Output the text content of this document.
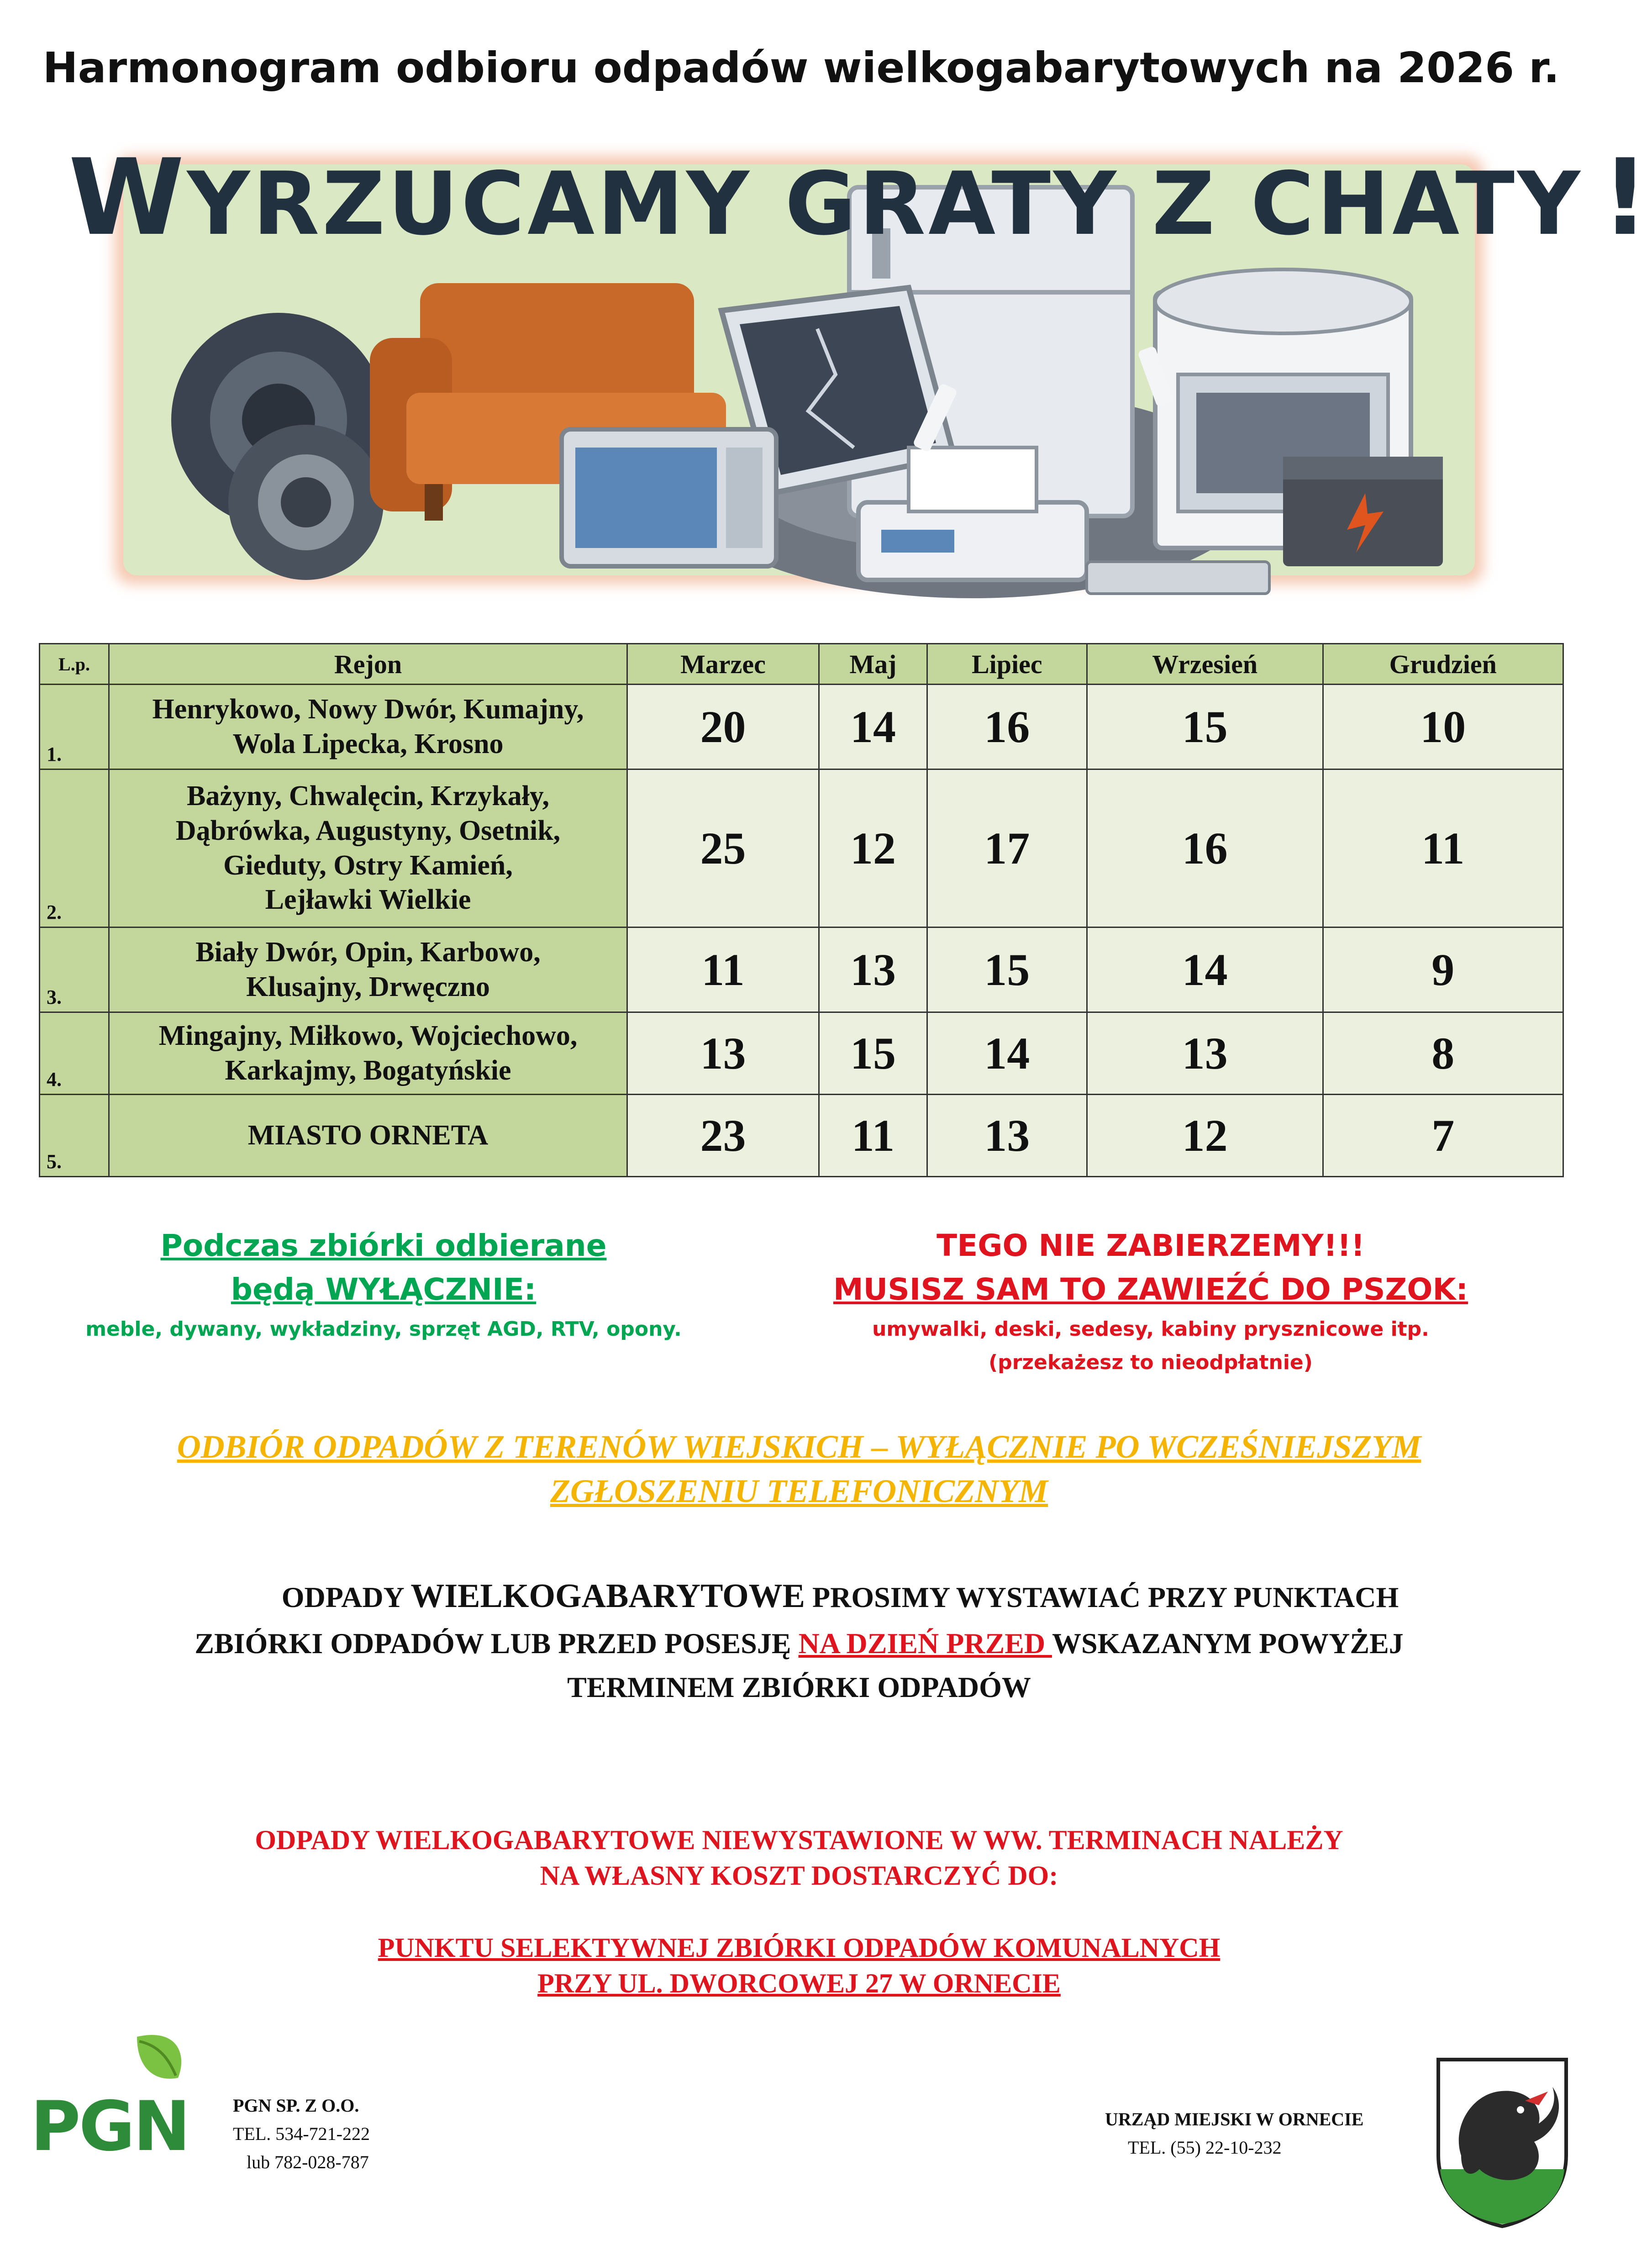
Harmonogram odbioru odpadów wielkogabarytowych na 2026 r.
WYRZUCAMY GRATY Z CHATY !
L.p.	Rejon	Marzec	Maj	Lipiec	Wrzesień	Grudzień
1.	Henrykowo, Nowy Dwór, Kumajny,
Wola Lipecka, Krosno	20	14	16	15	10
2.	Bażyny, Chwalęcin, Krzykały,
Dąbrówka, Augustyny, Osetnik,
Gieduty, Ostry Kamień,
Lejławki Wielkie	25	12	17	16	11
3.	Biały Dwór, Opin, Karbowo,
Klusajny, Drwęczno	11	13	15	14	9
4.	Mingajny, Miłkowo, Wojciechowo,
Karkajmy, Bogatyńskie	13	15	14	13	8
5.	MIASTO ORNETA	23	11	13	12	7
Podczas zbiórki odbierane
będą WYŁĄCZNIE:
meble, dywany, wykładziny, sprzęt AGD, RTV, opony.
TEGO NIE ZABIERZEMY!!!
MUSISZ SAM TO ZAWIEŹĆ DO PSZOK:
umywalki, deski, sedesy, kabiny prysznicowe itp.
(przekażesz to nieodpłatnie)
ODBIÓR ODPADÓW Z TERENÓW WIEJSKICH – WYŁĄCZNIE PO WCZEŚNIEJSZYM
ZGŁOSZENIU TELEFONICZNYM
ODPADY WIELKOGABARYTOWE PROSIMY WYSTAWIAĆ PRZY PUNKTACH
ZBIÓRKI ODPADÓW LUB PRZED POSESJĘ NA DZIEŃ PRZED WSKAZANYM POWYŻEJ
TERMINEM ZBIÓRKI ODPADÓW
ODPADY WIELKOGABARYTOWE NIEWYSTAWIONE W WW. TERMINACH NALEŻY
NA WŁASNY KOSZT DOSTARCZYĆ DO:
PUNKTU SELEKTYWNEJ ZBIÓRKI ODPADÓW KOMUNALNYCH
PRZY UL. DWORCOWEJ 27 W ORNECIE
PGN	PGN SP. Z O.O.
TEL. 534-721-222
lub 782-028-787
URZĄD MIEJSKI W ORNECIE
TEL. (55) 22-10-232
